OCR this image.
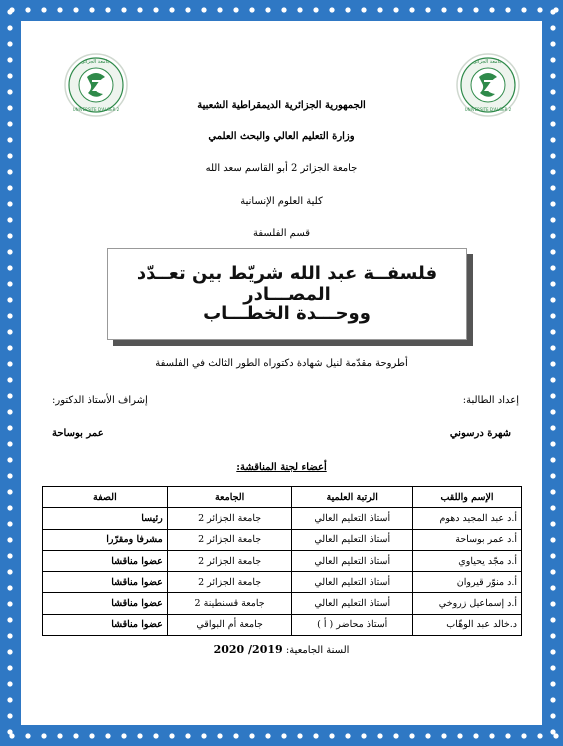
جامعة الجزائر
UNIVERSITE D'ALGER 2
جامعة الجزائر
UNIVERSITE D'ALGER 2
الجمهورية الجزائرية الديمقراطية الشعبية
وزارة التعليم العالي والبحث العلمي
جامعة الجزائر 2 أبو القاسم سعد الله
كلية العلوم الإنسانية
قسم الفلسفة
فلسفــة عبد الله شريّط بين تعــدّد المصـــادر
ووحـــدة الخطـــاب
أطروحة مقدّمة لنيل شهادة دكتوراه الطور الثالث في الفلسفة
إعداد الطالبة:
إشراف الأستاذ الدكتور:
شهرة درسوني
عمر بوساحة
أعضاء لجنة المناقشة:
الإسم واللقب	الرتبة العلمية	الجامعة	الصفة
أ.د عبد المجيد دهوم	أستاذ التعليم العالي	جامعة الجزائر 2	رئيسا
أ.د عمر بوساحة	أستاذ التعليم العالي	جامعة الجزائر 2	مشرفا ومقرّرا
أ.د مجّد يحياوي	أستاذ التعليم العالي	جامعة الجزائر 2	عضوا مناقشا
أ.د منوّر قيروان	أستاذ التعليم العالي	جامعة الجزائر 2	عضوا مناقشا
أ.د إسماعيل زروخي	أستاذ التعليم العالي	جامعة قسنطينة 2	عضوا مناقشا
د.خالد عبد الوهّاب	أستاذ محاضر ( أ )	جامعة أم البواقي	عضوا مناقشا
السنة الجامعية: 2019/ 2020
